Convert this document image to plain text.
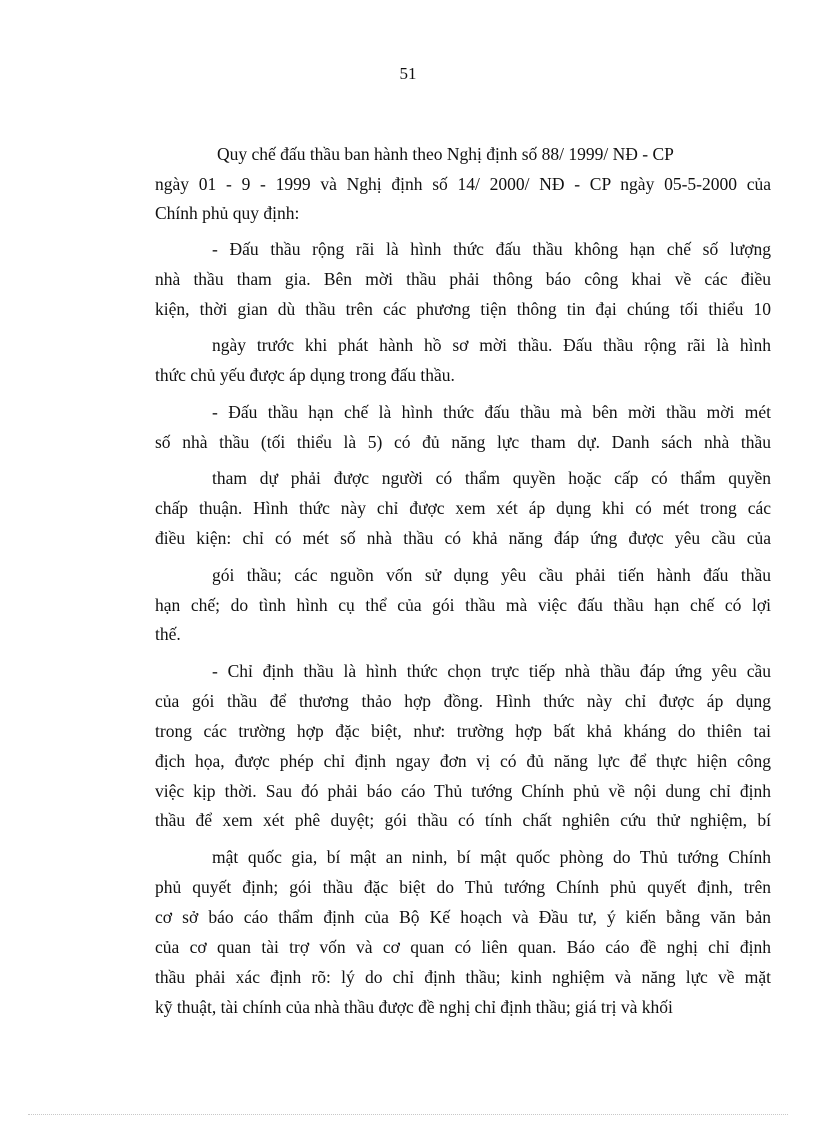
51
Quy chế đấu thầu ban hành theo Nghị định số 88/ 1999/ NĐ - CP
ngày 01 - 9 - 1999 và Nghị định số 14/ 2000/ NĐ - CP ngày 05-5-2000 của
Chính phủ quy định:
- Đấu thầu rộng rãi là hình thức đấu thầu không hạn chế số lượng
nhà thầu tham gia. Bên mời thầu phải thông báo công khai về các điều
kiện, thời gian dù thầu trên các phương tiện thông tin đại chúng tối thiểu 10
ngày trước khi phát hành hồ sơ mời thầu. Đấu thầu rộng rãi là hình
thức chủ yếu được áp dụng trong đấu thầu.
- Đấu thầu hạn chế là hình thức đấu thầu mà bên mời thầu mời mét
số nhà thầu (tối thiểu là 5) có đủ năng lực tham dự. Danh sách nhà thầu
tham dự phải được người có thẩm quyền hoặc cấp có thẩm quyền
chấp thuận. Hình thức này chỉ được xem xét áp dụng khi có mét trong các
điều kiện: chỉ có mét số nhà thầu có khả năng đáp ứng được yêu cầu của
gói thầu; các nguồn vốn sử dụng yêu cầu phải tiến hành đấu thầu
hạn chế; do tình hình cụ thể của gói thầu mà việc đấu thầu hạn chế có lợi
thế.
- Chỉ định thầu là hình thức chọn trực tiếp nhà thầu đáp ứng yêu cầu
của gói thầu để thương thảo hợp đồng. Hình thức này chỉ được áp dụng
trong các trường hợp đặc biệt, như: trường hợp bất khả kháng do thiên tai
địch họa, được phép chỉ định ngay đơn vị có đủ năng lực để thực hiện công
việc kịp thời. Sau đó phải báo cáo Thủ tướng Chính phủ về nội dung chỉ định
thầu để xem xét phê duyệt; gói thầu có tính chất nghiên cứu thử nghiệm, bí
mật quốc gia, bí mật an ninh, bí mật quốc phòng do Thủ tướng Chính
phủ quyết định; gói thầu đặc biệt do Thủ tướng Chính phủ quyết định, trên
cơ sở báo cáo thẩm định của Bộ Kế hoạch và Đầu tư, ý kiến bằng văn bản
của cơ quan tài trợ vốn và cơ quan có liên quan. Báo cáo đề nghị chỉ định
thầu phải xác định rõ: lý do chỉ định thầu; kinh nghiệm và năng lực về mặt
kỹ thuật, tài chính của nhà thầu được đề nghị chỉ định thầu; giá trị và khối
